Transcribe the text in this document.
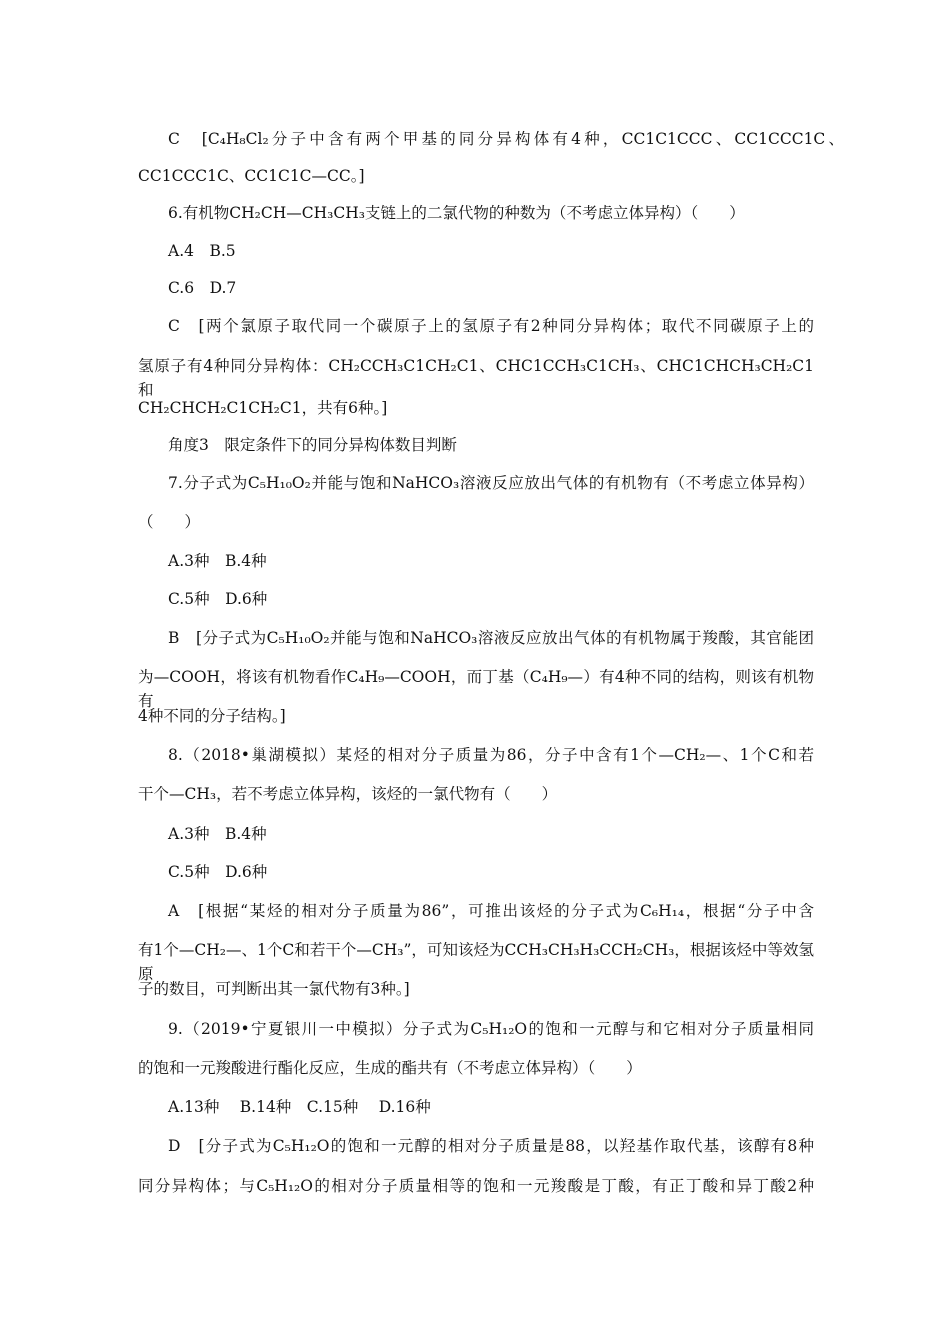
C　[C₄H₈Cl₂分子中含有两个甲基的同分异构体有4种，CC1C1CCC、CC1CCC1C、
CC1CCC1C、CC1C1C—CC。]
6.有机物CH₂CH—CH₃CH₃支链上的二氯代物的种数为（不考虑立体异构）（　　）
A.4　B.5
C.6　D.7
C　[两个氯原子取代同一个碳原子上的氢原子有2种同分异构体；取代不同碳原子上的
氢原子有4种同分异构体：CH₂CCH₃C1CH₂C1、CHC1CCH₃C1CH₃、CHC1CHCH₃CH₂C1和
CH₂CHCH₂C1CH₂C1，共有6种。]
角度3　限定条件下的同分异构体数目判断
7.分子式为C₅H₁₀O₂并能与饱和NaHCO₃溶液反应放出气体的有机物有（不考虑立体异构）
（　　）
A.3种　B.4种
C.5种　D.6种
B　[分子式为C₅H₁₀O₂并能与饱和NaHCO₃溶液反应放出气体的有机物属于羧酸，其官能团
为—COOH，将该有机物看作C₄H₉—COOH，而丁基（C₄H₉—）有4种不同的结构，则该有机物有
4种不同的分子结构。]
8.（2018•巢湖模拟）某烃的相对分子质量为86，分子中含有1个—CH₂—、1个C和若
干个—CH₃，若不考虑立体异构，该烃的一氯代物有（　　）
A.3种　B.4种
C.5种　D.6种
A　[根据“某烃的相对分子质量为86”，可推出该烃的分子式为C₆H₁₄，根据“分子中含
有1个—CH₂—、1个C和若干个—CH₃”，可知该烃为CCH₃CH₃H₃CCH₂CH₃，根据该烃中等效氢原
子的数目，可判断出其一氯代物有3种。]
9.（2019•宁夏银川一中模拟）分子式为C₅H₁₂O的饱和一元醇与和它相对分子质量相同
的饱和一元羧酸进行酯化反应，生成的酯共有（不考虑立体异构）（　　）
A.13种　 B.14种　C.15种　 D.16种
D　[分子式为C₅H₁₂O的饱和一元醇的相对分子质量是88，以羟基作取代基，该醇有8种
同分异构体；与C₅H₁₂O的相对分子质量相等的饱和一元羧酸是丁酸，有正丁酸和异丁酸2种
